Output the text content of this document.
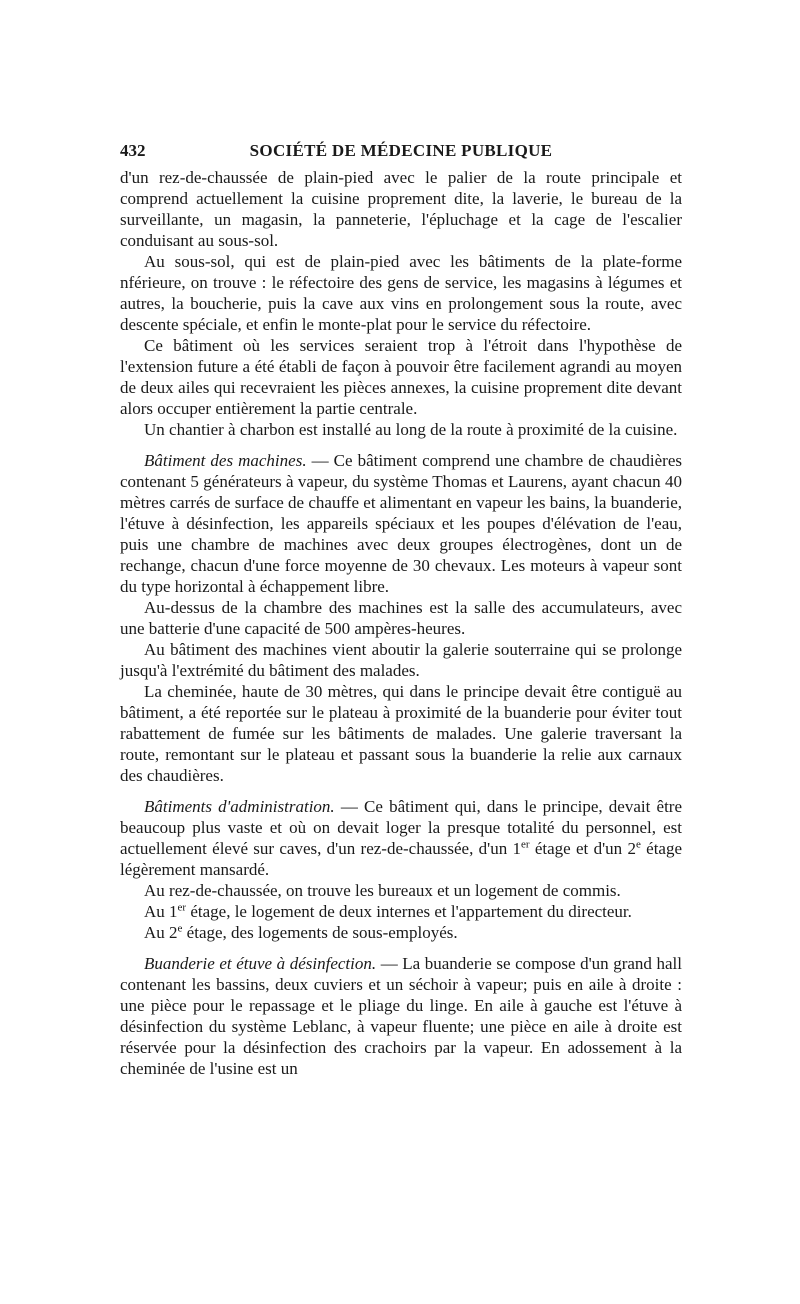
432	SOCIÉTÉ DE MÉDECINE PUBLIQUE

d'un rez-de-chaussée de plain-pied avec le palier de la route principale et comprend actuellement la cuisine proprement dite, la laverie, le bureau de la surveillante, un magasin, la panneterie, l'épluchage et la cage de l'escalier conduisant au sous-sol.

Au sous-sol, qui est de plain-pied avec les bâtiments de la plate-forme nférieure, on trouve : le réfectoire des gens de service, les magasins à légumes et autres, la boucherie, puis la cave aux vins en prolongement sous la route, avec descente spéciale, et enfin le monte-plat pour le service du réfectoire.

Ce bâtiment où les services seraient trop à l'étroit dans l'hypothèse de l'extension future a été établi de façon à pouvoir être facilement agrandi au moyen de deux ailes qui recevraient les pièces annexes, la cuisine proprement dite devant alors occuper entièrement la partie centrale.

Un chantier à charbon est installé au long de la route à proximité de la cuisine.

Bâtiment des machines. — Ce bâtiment comprend une chambre de chaudières contenant 5 générateurs à vapeur, du système Thomas et Laurens, ayant chacun 40 mètres carrés de surface de chauffe et alimentant en vapeur les bains, la buanderie, l'étuve à désinfection, les appareils spéciaux et les poupes d'élévation de l'eau, puis une chambre de machines avec deux groupes électrogènes, dont un de rechange, chacun d'une force moyenne de 30 chevaux. Les moteurs à vapeur sont du type horizontal à échappement libre.

Au-dessus de la chambre des machines est la salle des accumulateurs, avec une batterie d'une capacité de 500 ampères-heures.

Au bâtiment des machines vient aboutir la galerie souterraine qui se prolonge jusqu'à l'extrémité du bâtiment des malades.

La cheminée, haute de 30 mètres, qui dans le principe devait être contiguë au bâtiment, a été reportée sur le plateau à proximité de la buanderie pour éviter tout rabattement de fumée sur les bâtiments de malades. Une galerie traversant la route, remontant sur le plateau et passant sous la buanderie la relie aux carnaux des chaudières.

Bâtiments d'administration. — Ce bâtiment qui, dans le principe, devait être beaucoup plus vaste et où on devait loger la presque totalité du personnel, est actuellement élevé sur caves, d'un rez-de-chaussée, d'un 1er étage et d'un 2e étage légèrement mansardé.

Au rez-de-chaussée, on trouve les bureaux et un logement de commis.

Au 1er étage, le logement de deux internes et l'appartement du directeur.

Au 2e étage, des logements de sous-employés.

Buanderie et étuve à désinfection. — La buanderie se compose d'un grand hall contenant les bassins, deux cuviers et un séchoir à vapeur; puis en aile à droite : une pièce pour le repassage et le pliage du linge. En aile à gauche est l'étuve à désinfection du système Leblanc, à vapeur fluente; une pièce en aile à droite est réservée pour la désinfection des crachoirs par la vapeur. En adossement à la cheminée de l'usine est un
